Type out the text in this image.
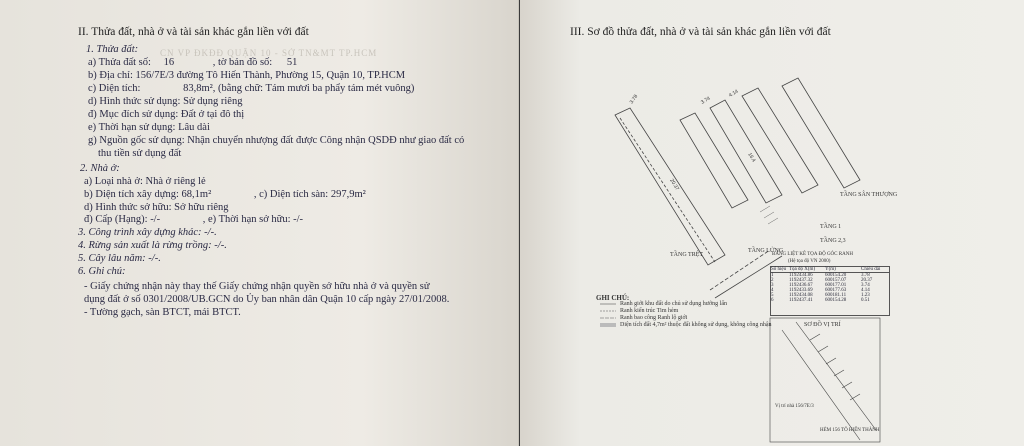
CN VP ĐKĐĐ QUẬN 10 - SỞ TN&MT TP.HCM
II. Thửa đất, nhà ở và tài sản khác gắn liền với đất
1. Thửa đất:
a) Thửa đất số: 16	, tờ bản đồ số: 51
b) Địa chỉ: 156/7E/3 đường Tô Hiến Thành, Phường 15, Quận 10, TP.HCM
c) Diện tích:	83,8m², (bằng chữ: Tám mươi ba phẩy tám mét vuông)
d) Hình thức sử dụng: Sử dụng riêng
đ) Mục đích sử dụng: Đất ở tại đô thị
e) Thời hạn sử dụng: Lâu dài
g) Nguồn gốc sử dụng: Nhận chuyển nhượng đất được Công nhận QSDĐ như giao đất có
thu tiền sử dụng đất
2. Nhà ở:
a) Loại nhà ở: Nhà ở riêng lẻ
b) Diện tích xây dựng: 68,1m²	, c) Diện tích sàn: 297,9m²
d) Hình thức sở hữu: Sở hữu riêng
đ) Cấp (Hạng): -/-	, e) Thời hạn sở hữu: -/-
3. Công trình xây dựng khác: -/-.
4. Rừng sản xuất là rừng trồng: -/-.
5. Cây lâu năm: -/-.
6. Ghi chú:
- Giấy chứng nhận này thay thế Giấy chứng nhận quyền sở hữu nhà ở và quyền sử
dụng đất ở số 0301/2008/UB.GCN do Ủy ban nhân dân Quận 10 cấp ngày 27/01/2008.
- Tường gạch, sàn BTCT, mái BTCT.
III. Sơ đồ thửa đất, nhà ở và tài sản khác gắn liền với đất
3.78
20.37
3.74
4.14
16.4
TẦNG TRỆT
TẦNG LỬNG
TẦNG 1
TẦNG SÂN THƯỢNG
TẦNG 2,3
GHI CHÚ:
Ranh giới khu đất do chủ sử dụng hưởng lấn
Ranh kiến trúc Tim hẻm
Ranh bao công Ranh lộ giới
Diện tích đất 4,7m² thuộc đất không sử dụng, không công nhận
BẢNG LIỆT KÊ TỌA ĐỘ GÓC RANH
(Hệ tọa độ VN 2000)
Số hiệu Tọa độ X(m)	Y(m)	Chiều dài
1	1192434.86	600154.20	3.78
2	1192437.32	600157.07	20.37
3	1192436.67	600177.01	3.74
4	1192433.69	600177.63	4.14
5	1192434.08	600181.11	1.23
6	1192437.41	600154.28	0.51
SƠ ĐỒ VỊ TRÍ
Vị trí nhà 156/7E/3
HẺM 156 TÔ HIẾN THÀNH
